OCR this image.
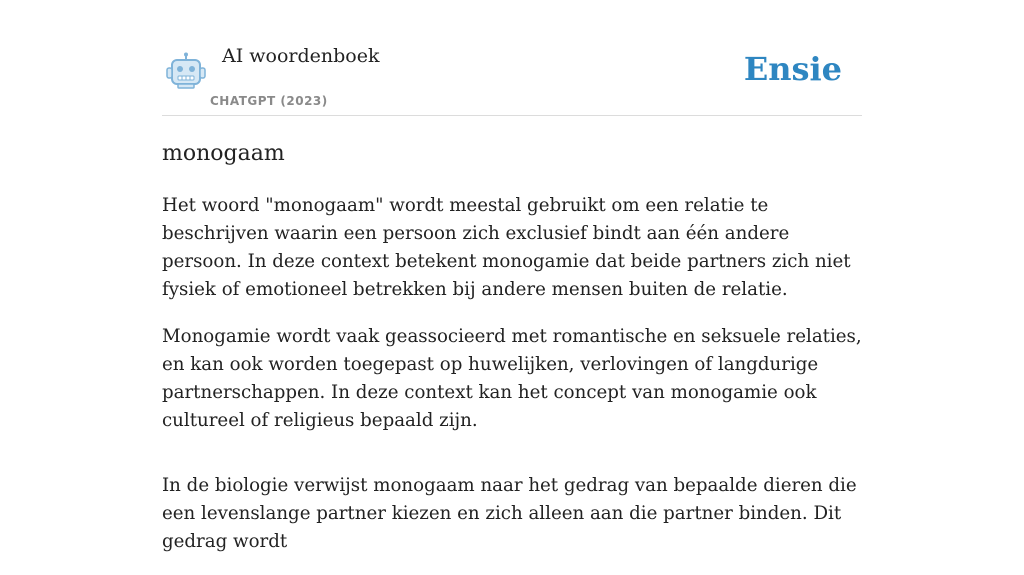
AI woordenboek
CHATGPT (2023)
Ensie
monogaam

Het woord "monogaam" wordt meestal gebruikt om een relatie te beschrijven waarin een persoon zich exclusief bindt aan één andere persoon. In deze context betekent monogamie dat beide partners zich niet fysiek of emotioneel betrekken bij andere mensen buiten de relatie.

Monogamie wordt vaak geassocieerd met romantische en seksuele relaties, en kan ook worden toegepast op huwelijken, verlovingen of langdurige partnerschappen. In deze context kan het concept van monogamie ook cultureel of religieus bepaald zijn.

In de biologie verwijst monogaam naar het gedrag van bepaalde dieren die een levenslange partner kiezen en zich alleen aan die partner binden. Dit gedrag wordt
